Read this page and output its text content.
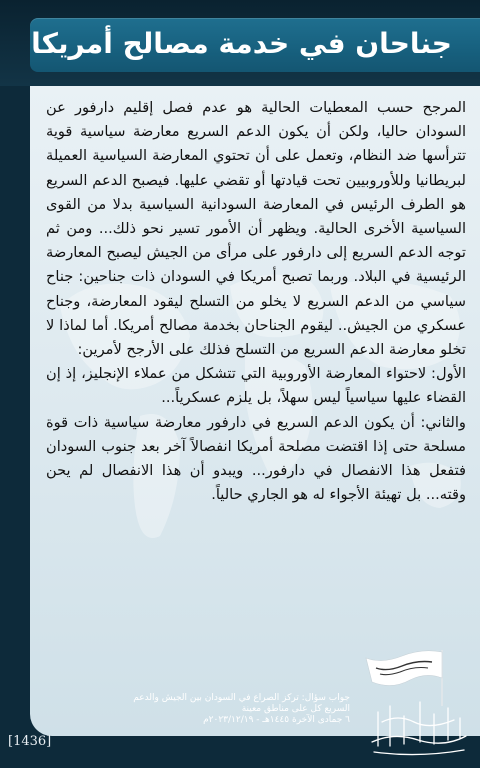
جناحان في خدمة مصالح أمريكا

المرجح حسب المعطيات الحالية هو عدم فصل إقليم دارفور عن السودان حاليا، ولكن أن يكون الدعم السريع معارضة سياسية قوية تترأسها ضد النظام، وتعمل على أن تحتوي المعارضة السياسية العميلة لبريطانيا وللأوروبيين تحت قيادتها أو تقضي عليها. فيصبح الدعم السريع هو الطرف الرئيس في المعارضة السودانية السياسية بدلا من القوى السياسية الأخرى الحالية. ويظهر أن الأمور تسير نحو ذلك... ومن ثم توجه الدعم السريع إلى دارفور على مرأى من الجيش ليصبح المعارضة الرئيسية في البلاد. وربما تصبح أمريكا في السودان ذات جناحين: جناح سياسي من الدعم السريع لا يخلو من التسلح ليقود المعارضة، وجناح عسكري من الجيش.. ليقوم الجناحان بخدمة مصالح أمريكا. أما لماذا لا تخلو معارضة الدعم السريع من التسلح فذلك على الأرجح لأمرين:

الأول: لاحتواء المعارضة الأوروبية التي تتشكل من عملاء الإنجليز، إذ إن القضاء عليها سياسياً ليس سهلاً، بل يلزم عسكرياً...

والثاني: أن يكون الدعم السريع في دارفور معارضة سياسية ذات قوة مسلحة حتى إذا اقتضت مصلحة أمريكا انفصالاً آخر بعد جنوب السودان فتفعل هذا الانفصال في دارفور... ويبدو أن هذا الانفصال لم يحن وقته... بل تهيئة الأجواء له هو الجاري حالياً.

جواب سؤال: تركز الصراع في السودان بين الجيش والدعم السريع كل على مناطق معينة
٦ جمادى الآخرة ١٤٤٥هـ - ٢٠٢٣/١٢/١٩م
[1436]
